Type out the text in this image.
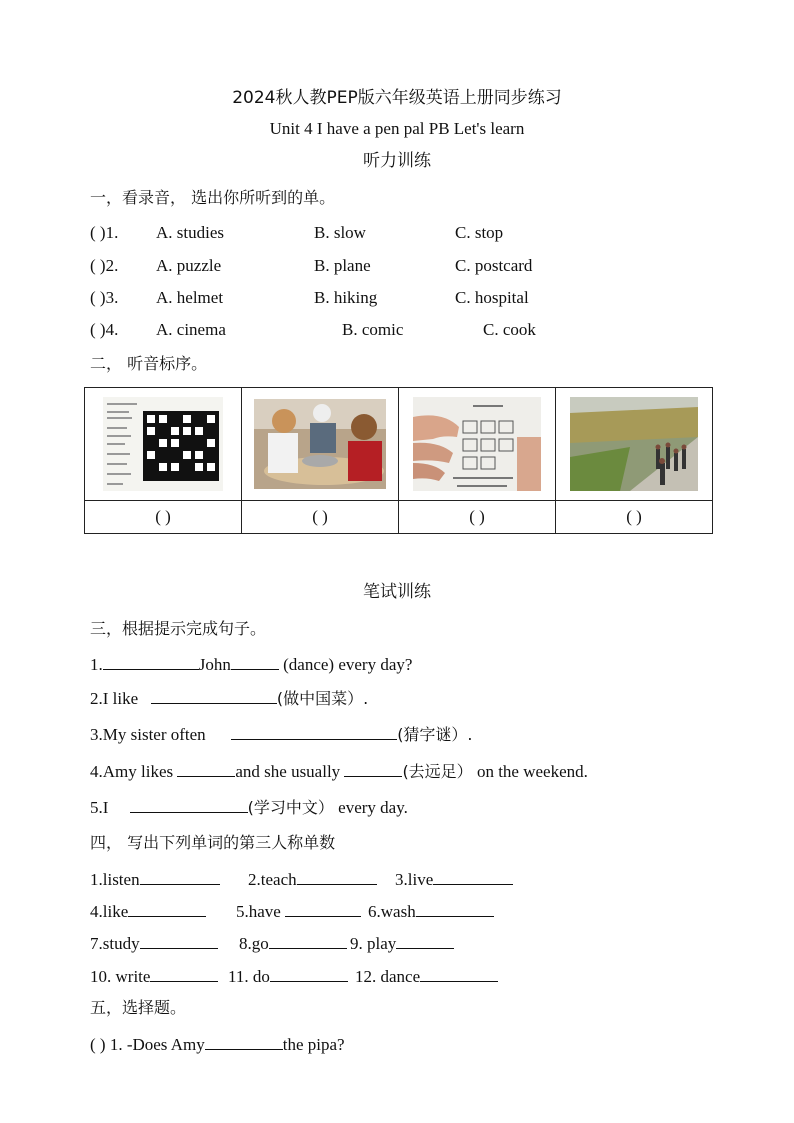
2024秋人教PEP版六年级英语上册同步练习
Unit 4 I have a pen pal PB Let's learn
听力训练
一，看录音， 选出你所听到的单。
( )1. A. studies	B. slow	C. stop
( )2. A. puzzle	B. plane	C. postcard
( )3. A. helmet	B. hiking	C. hospital
( )4. A. cinema	B. comic	C. cook
二， 听音标序。

( )	( )	( )	( )
笔试训练
三，根据提示完成句子。
1.	John	(dance) every day?
2.I like	(做中国菜）.
3.My sister often	(猜字谜）.
4.Amy likes	and she usually	(去远足） on the weekend.
5.I	(学习中文） every day.
四， 写出下列单词的第三人称单数
1.listen	2.teach	3.live
4.like	5.have	6.wash
7.study	8.go	9. play
10. write	11. do	12. dance
五，选择题。
( ) 1. -Does Amy	the pipa?
